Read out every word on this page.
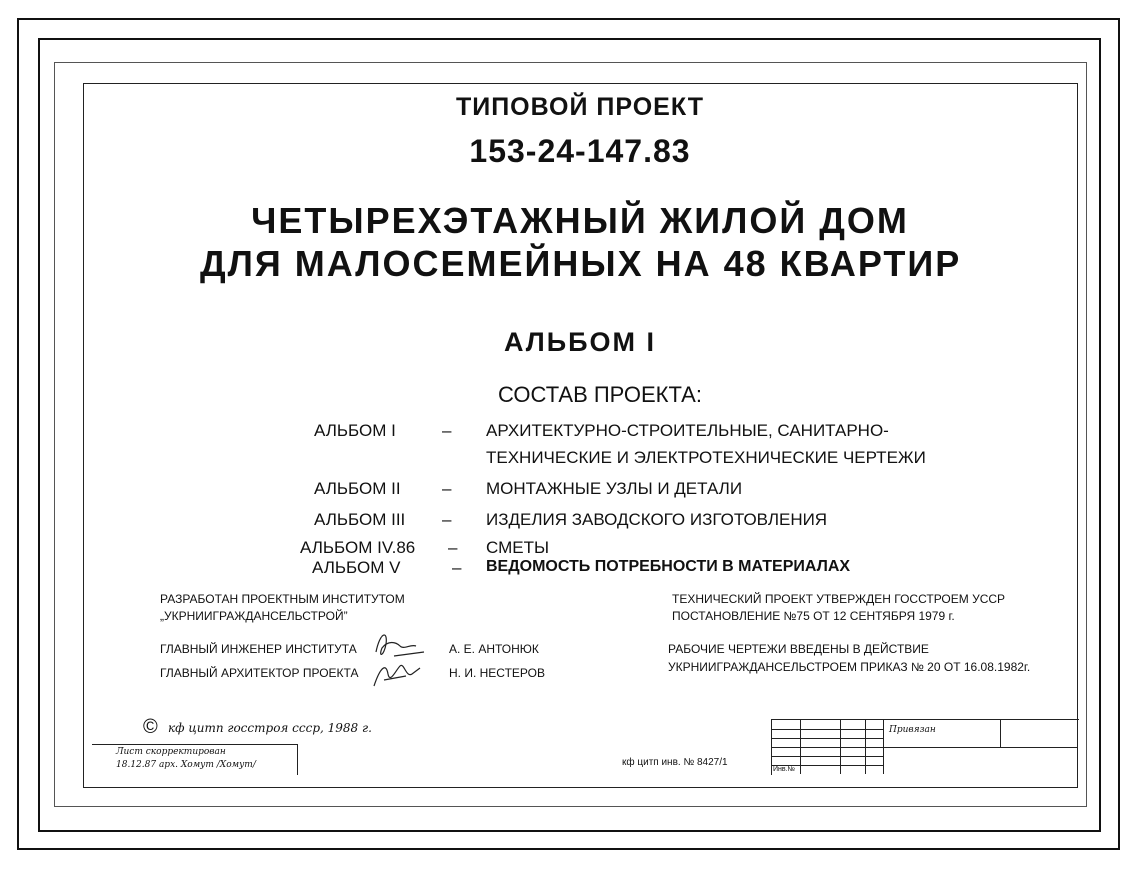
ТИПОВОЙ ПРОЕКТ
153-24-147.83
ЧЕТЫРЕХЭТАЖНЫЙ ЖИЛОЙ ДОМ
ДЛЯ МАЛОСЕМЕЙНЫХ НА 48 КВАРТИР
АЛЬБОМ I
СОСТАВ ПРОЕКТА:
АЛЬБОМ I	– АРХИТЕКТУРНО-СТРОИТЕЛЬНЫЕ, САНИТАРНО-
ТЕХНИЧЕСКИЕ И ЭЛЕКТРОТЕХНИЧЕСКИЕ ЧЕРТЕЖИ
АЛЬБОМ II – МОНТАЖНЫЕ УЗЛЫ И ДЕТАЛИ
АЛЬБОМ III – ИЗДЕЛИЯ ЗАВОДСКОГО ИЗГОТОВЛЕНИЯ
АЛЬБОМ IV.86 – СМЕТЫ
АЛЬБОМ V	– ВЕДОМОСТЬ ПОТРЕБНОСТИ В МАТЕРИАЛАХ
РАЗРАБОТАН ПРОЕКТНЫМ ИНСТИТУТОМ
„УКРНИИГРАЖДАНСЕЛЬСТРОЙ”
ГЛАВНЫЙ ИНЖЕНЕР ИНСТИТУТА	А. Е. АНТОНЮК
ГЛАВНЫЙ АРХИТЕКТОР ПРОЕКТА	Н. И. НЕСТЕРОВ
ТЕХНИЧЕСКИЙ ПРОЕКТ УТВЕРЖДЕН ГОССТРОЕМ УССР
ПОСТАНОВЛЕНИЕ №75 ОТ 12 СЕНТЯБРЯ 1979 г.
РАБОЧИЕ ЧЕРТЕЖИ ВВЕДЕНЫ В ДЕЙСТВИЕ
УКРНИИГРАЖДАНСЕЛЬСТРОЕМ ПРИКАЗ № 20 ОТ 16.08.1982г.
© кф цитп госстроя ссср, 1988 г.
Лист скорректирован
18.12.87 арх. Хомут /Хомут/	кф цитп инв. № 8427/1
Привязан
Инв.№
